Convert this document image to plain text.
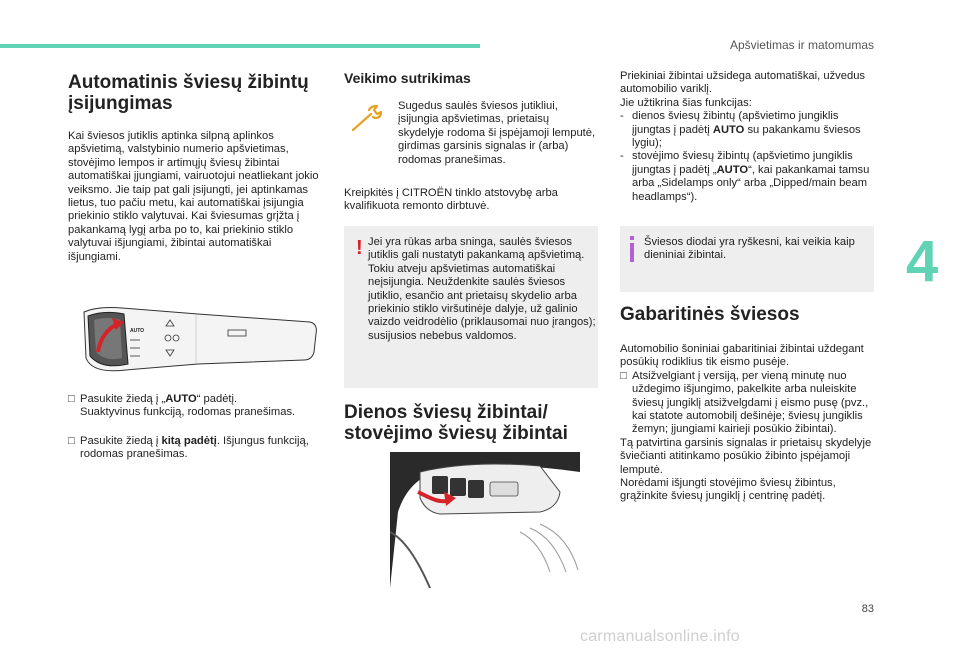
Apšvietimas ir matomumas
Automatinis šviesų žibintų
įsijungimas

Kai šviesos jutiklis aptinka silpną aplinkos apšvietimą, valstybinio numerio apšvietimas, stovėjimo lempos ir artimųjų šviesų žibintai automatiškai įjungiami, vairuotojui neatliekant jokio veiksmo. Jie taip pat gali įsijungti, jei aptinkamas lietus, tuo pačiu metu, kai automatiškai įsijungia priekinio stiklo valytuvai. Kai šviesumas grįžta į pakankamą lygį arba po to, kai priekinio stiklo valytuvai išjungiami, žibintai automatiškai išjungiami.

AUTO
□ Pasukite žiedą į „AUTO“ padėtį.
Suaktyvinus funkciją, rodomas pranešimas.
□ Pasukite žiedą į kitą padėtį. Išjungus funkciją, rodomas pranešimas.
Veikimo sutrikimas
Sugedus saulės šviesos jutikliui, įsijungia apšvietimas, prietaisų skydelyje rodoma ši įspėjamoji lemputė, girdimas garsinis signalas ir (arba) rodomas pranešimas.
Kreipkitės į CITROËN tinklo atstovybę arba kvalifikuota remonto dirbtuvė.
! Jei yra rūkas arba sninga, saulės šviesos jutiklis gali nustatyti pakankamą apšvietimą. Tokiu atveju apšvietimas automatiškai neįsijungia. Neuždenkite saulės šviesos jutiklio, esančio ant prietaisų skydelio arba priekinio stiklo viršutinėje dalyje, už galinio vaizdo veidrodėlio (priklausomai nuo įrangos); susijusios nebebus valdomos.
Dienos šviesų žibintai/
stovėjimo šviesų žibintai

Priekiniai žibintai užsidega automatiškai, užvedus automobilio variklį.

Jie užtikrina šias funkcijas:

- dienos šviesų žibintų (apšvietimo jungiklis įjungtas į padėtį AUTO su pakankamu šviesos lygiu);
- stovėjimo šviesų žibintų (apšvietimo jungiklis įjungtas į padėtį „AUTO“, kai pakankamai tamsu arba „Sidelamps only“ arba „Dipped/main beam headlamps“).
Šviesos diodai yra ryškesni, kai veikia kaip dieniniai žibintai.
Gabaritinės šviesos

Automobilio šoniniai gabaritiniai žibintai uždegant posūkių rodiklius tik eismo pusėje.

□ Atsižvelgiant į versiją, per vieną minutę nuo uždegimo išjungimo, pakelkite arba nuleiskite šviesų jungiklį atsižvelgdami į eismo pusę (pvz., kai statote automobilį dešinėje; šviesų jungiklis žemyn; įjungiami kairieji posūkio žibintai).

Tą patvirtina garsinis signalas ir prietaisų skydelyje šviečianti atitinkamo posūkio žibinto įspėjamoji lemputė.

Norėdami išjungti stovėjimo šviesų žibintus, grąžinkite šviesų jungiklį į centrinę padėtį.

4
83
carmanualsonline.info
